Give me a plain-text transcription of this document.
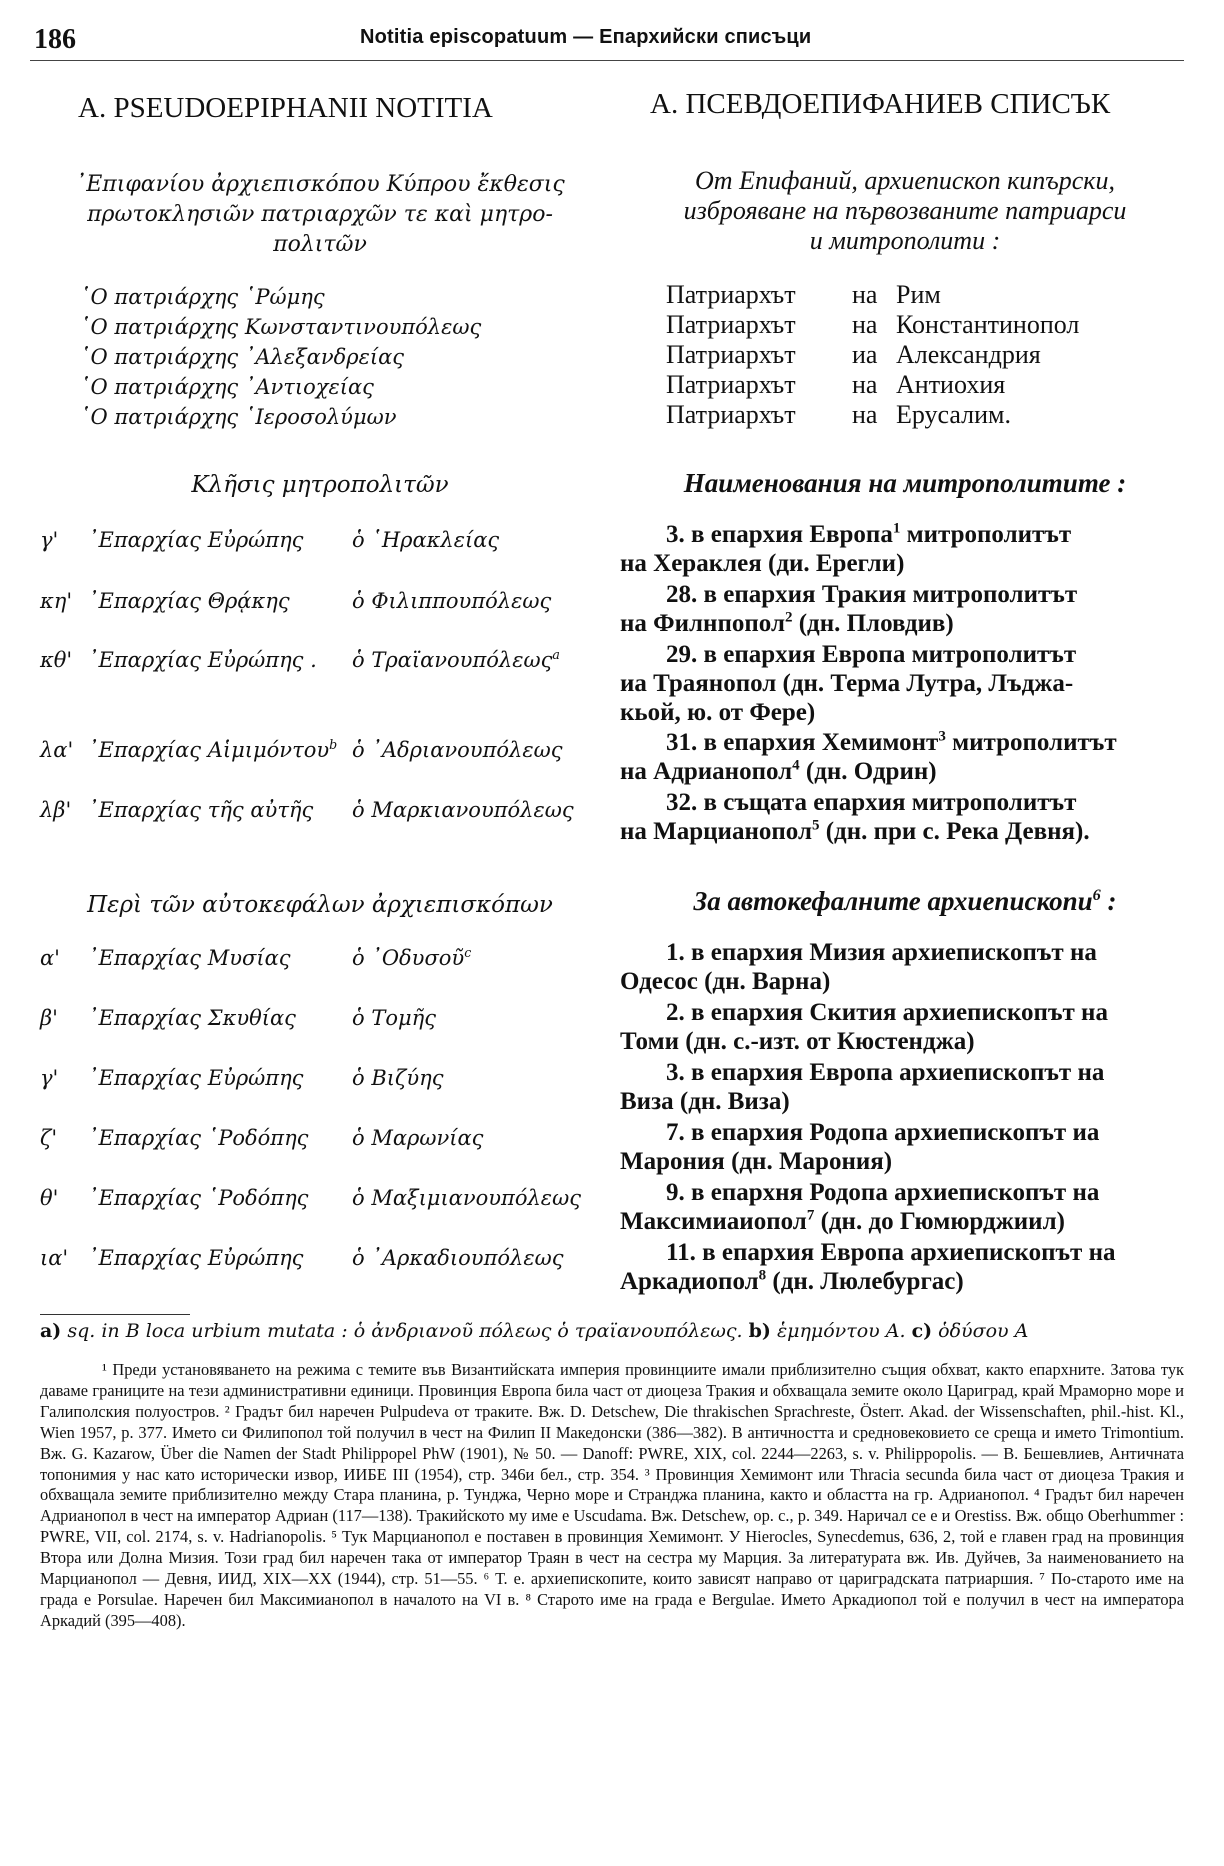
186	Notitia episcopatuum — Епархийски списъци
A. PSEUDOEPIPHANII NOTITIA
᾿Επιφανίου ἀρχιεπισκόπου Κύπρου ἔκθεσις
πρωτοκλησιῶν πατριαρχῶν τε καὶ μητρο-
πολιτῶν
῾Ο πατριάρχης ῾Ρώμης
῾Ο πατριάρχης Κωνσταντινουπόλεως
῾Ο πατριάρχης ᾿Αλεξανδρείας
῾Ο πατριάρχης ᾿Αντιοχείας
῾Ο πατριάρχης ῾Ιεροσολύμων
Κλῆσις μητροπολιτῶν
γ' ᾿Επαρχίας Εὐρώπης ὁ ῾Ηρακλείας
κη' ᾿Επαρχίας Θρᾴκης	ὁ Φιλιππουπόλεως
κθ' ᾿Επαρχίας Εὐρώπης . ὁ Τραϊανουπόλεως$^a$
λα' ᾿Επαρχίας Αἱμιμόντου$^b$ ὁ ᾿Αδριανουπόλεως
λβ' ᾿Επαρχίας τῆς αὐτῆς ὁ Μαρκιανουπόλεως
Περὶ τῶν αὐτοκεφάλων ἀρχιεπισκόπων
α' ᾿Επαρχίας Μυσίας	ὁ ᾿Οδυσοῦ$^c$
β' ᾿Επαρχίας Σκυθίας	ὁ Τομῆς
γ' ᾿Επαρχίας Εὐρώπης ὁ Βιζύης
ζ' ᾿Επαρχίας ῾Ροδόπης ὁ Μαρωνίας
θ' ᾿Επαρχίας ῾Ροδόπης ὁ Μαξιμιανουπόλεως
ια' ᾿Επαρχίας Εὐρώπης ὁ ᾿Αρκαδιουπόλεως
A. ПСЕВДОЕПИФАНИЕВ СПИСЪК
От Епифаний, архиепископ кипърски,
изброяване на първозваните патриарси
и митрополити :
Патриархът на Рим
Патриархът на Константинопол
Патриархът иа Александрия
Патриархът на Антиохия
Патриархът на Ерусалим.
Наименования на митрополитите :
3. в епархия Европа$^1$ митрополитът
на Хераклея (ди. Ерегли)
28. в епархия Тракия митрополитът
на Филнпопол$^2$ (дн. Пловдив)
29. в епархия Европа митрополитът
иа Траянопол (дн. Терма Лутра, Лъджа-
кьой, ю. от Фере)
31. в епархия Хемимонт$^3$ митрополитът
на Адрианопол$^4$ (дн. Одрин)
32. в същата епархия митрополитът
на Марцианопол$^5$ (дн. при с. Река Девня).
За автокефалните архиепископи$^6$ :
1. в епархия Мизия архиепископът на
Одесос (дн. Варна)
2. в епархия Скития архиепископът на
Томи (дн. с.-изт. от Кюстенджа)
3. в епархия Европа архиепископът на
Виза (дн. Виза)
7. в епархия Родопа архиепископът иа
Марония (дн. Марония)
9. в епархня Родопа архиепископът на
Максимиаиопол$^7$ (дн. до Гюмюрджиил)
11. в епархия Европа архиепископът на
Аркадиопол$^8$ (дн. Люлебургас)
a) sq. in B loca urbium mutata : ὁ ἀνδριανοῦ πόλεως ὁ τραϊανουπόλεως. b) ἑμημόντου A. c) ὁδύσου A

¹ Преди установяването на режима с темите във Византийската империя провинциите имали приблизително същия обхват, както епархните. Затова тук даваме границите на тези административни единици. Провинция Европа била част от диоцеза Тракия и обхващала земите около Цариград, край Мраморно море и Галиполския полуостров. ² Градът бил наречен Pulpudeva от траките. Вж. D. Detschew, Die thrakischen Sprachreste, Österr. Akad. der Wissenschaften, phil.-hist. Kl., Wien 1957, p. 377. Името си Филипопол той получил в чест на Филип II Македонски (386—382). В античността и средновековието се среща и името Trimontium. Вж. G. Kazarow, Über die Namen der Stadt Philippopel PhW (1901), № 50. — Danoff: PWRE, XIX, col. 2244—2263, s. v. Philippopolis. — В. Бешевлиев, Античната топонимия у нас като исторически извор, ИИБЕ III (1954), стр. 346и бел., стр. 354. ³ Провинция Хемимонт или Thracia secunda била част от диоцеза Тракия и обхващала земите приблизително между Стара планина, р. Тунджа, Черно море и Странджа планина, както и областта на гр. Адрианопол. ⁴ Градът бил наречен Адрианопол в чест на император Адриан (117—138). Тракийското му име е Uscudama. Вж. Detschew, op. c., p. 349. Наричал се е и Orestiss. Вж. общо Oberhummer : PWRE, VII, col. 2174, s. v. Hadrianopolis. ⁵ Тук Марцианопол е поставен в провинция Хемимонт. У Hierocles, Synecdemus, 636, 2, той е главен град на провинция Втора или Долна Мизия. Този град бил наречен така от император Траян в чест на сестра му Марция. За литературата вж. Ив. Дуйчев, За наименованието на Марцианопол — Девня, ИИД, XIX—XX (1944), стр. 51—55. ⁶ Т. е. архиепископите, които зависят направо от цариградската патриаршия. ⁷ По-старото име на града е Porsulae. Наречен бил Максимианопол в началото на VI в. ⁸ Старото име на града е Bergulae. Името Аркадиопол той е получил в чест на императора Аркадий (395—408).
